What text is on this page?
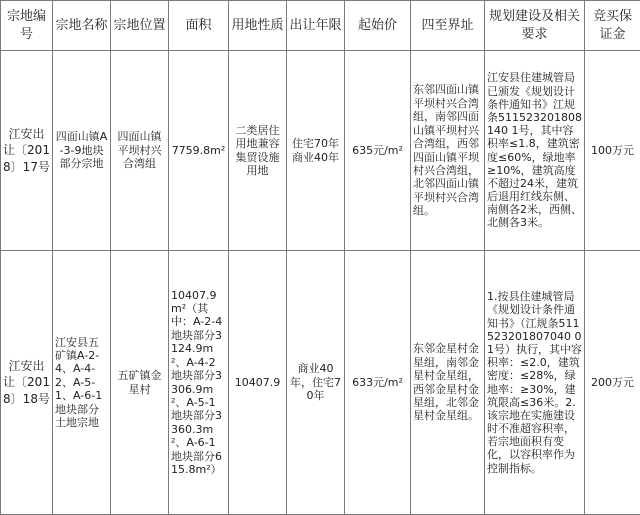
宗地编号	宗地名称	宗地位置	面积	用地性质	出让年限	起始价	四至界址	规划建设及相关要求	竞买保证金
江安出让〔2018〕17号	四面山镇A-3-9地块部分宗地	四面山镇平坝村兴合湾组	7759.8m²	二类居住用地兼容集贸设施用地	住宅70年商业40年	635元/m²	东邻四面山镇平坝村兴合湾组，南邻四面山镇平坝村兴合湾组，西邻四面山镇平坝村兴合湾组，北邻四面山镇平坝村兴合湾组。	江安县住建城管局已颁发《规划设计条件通知书》江规条511523201808140 1号，其中容积率≤1.8，建筑密度≤60%，绿地率≥10%，建筑高度不超过24米，建筑后退用红线东侧、南侧各2米，西侧、北侧各3米。	100万元
江安出让〔2018〕18号	江安县五矿镇A-2-4、A-4-2、A-5-1、A-6-1地块部分土地宗地	五矿镇金星村	10407.9m²（其中：A-2-4地块部分3124.9m²、A-4-2地块部分3306.9m²、A-5-1地块部分3360.3m²、A-6-1地块部分615.8m²）	10407.9	商业40年，住宅70年	633元/m²	东邻金星村金星组，南邻金星村金星组，西邻金星村金星组，北邻金星村金星组。	1.按县住建城管局《规划设计条件通知书》（江规条511523201807040 01号）执行，其中容积率：≤2.0，建筑密度：≤28%，绿地率：≥30%，建筑限高≤36米。2.该宗地在实施建设时不准超容积率，若宗地面积有变化，以容积率作为控制指标。	200万元
